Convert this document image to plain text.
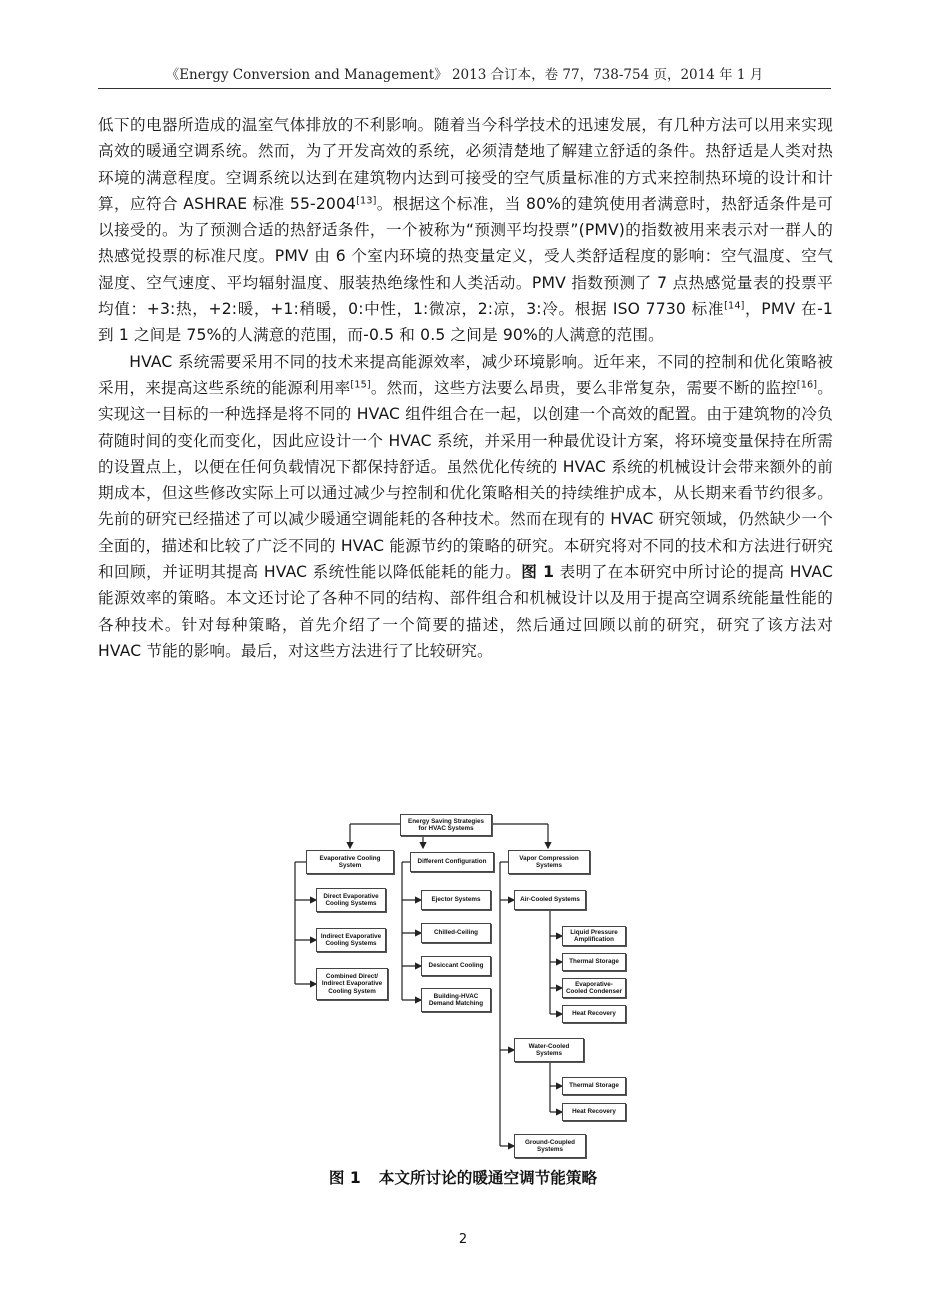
《Energy Conversion and Management》 2013 合订本，卷 77，738-754 页，2014 年 1 月

低下的电器所造成的温室气体排放的不利影响。随着当今科学技术的迅速发展，有几种方法可以用来实现高效的暖通空调系统。然而，为了开发高效的系统，必须清楚地了解建立舒适的条件。热舒适是人类对热环境的满意程度。空调系统以达到在建筑物内达到可接受的空气质量标准的方式来控制热环境的设计和计算，应符合 ASHRAE 标准 55-2004[13]。根据这个标准，当 80%的建筑使用者满意时，热舒适条件是可以接受的。为了预测合适的热舒适条件，一个被称为“预测平均投票”(PMV)的指数被用来表示对一群人的热感觉投票的标准尺度。PMV 由 6 个室内环境的热变量定义，受人类舒适程度的影响：空气温度、空气湿度、空气速度、平均辐射温度、服装热绝缘性和人类活动。PMV 指数预测了 7 点热感觉量表的投票平均值：+3:热，+2:暖，+1:稍暖，0:中性，1:微凉，2:凉，3:冷。根据 ISO 7730 标准[14]，PMV 在-1 到 1 之间是 75%的人满意的范围，而-0.5 和 0.5 之间是 90%的人满意的范围。

HVAC 系统需要采用不同的技术来提高能源效率，减少环境影响。近年来，不同的控制和优化策略被采用，来提高这些系统的能源利用率[15]。然而，这些方法要么昂贵，要么非常复杂，需要不断的监控[16]。实现这一目标的一种选择是将不同的 HVAC 组件组合在一起，以创建一个高效的配置。由于建筑物的冷负荷随时间的变化而变化，因此应设计一个 HVAC 系统，并采用一种最优设计方案，将环境变量保持在所需的设置点上，以便在任何负载情况下都保持舒适。虽然优化传统的 HVAC 系统的机械设计会带来额外的前期成本，但这些修改实际上可以通过减少与控制和优化策略相关的持续维护成本，从长期来看节约很多。先前的研究已经描述了可以减少暖通空调能耗的各种技术。然而在现有的 HVAC 研究领域，仍然缺少一个全面的，描述和比较了广泛不同的 HVAC 能源节约的策略的研究。本研究将对不同的技术和方法进行研究和回顾，并证明其提高 HVAC 系统性能以降低能耗的能力。图 1 表明了在本研究中所讨论的提高 HVAC 能源效率的策略。本文还讨论了各种不同的结构、部件组合和机械设计以及用于提高空调系统能量性能的各种技术。针对每种策略，首先介绍了一个简要的描述，然后通过回顾以前的研究，研究了该方法对 HVAC 节能的影响。最后，对这些方法进行了比较研究。

Energy Saving Strategies for HVAC Systems
Evaporative Cooling System
Direct Evaporative Cooling Systems
Indirect Evaporative Cooling Systems
Combined Direct/ Indirect Evaporative Cooling System
Different Configuration
Ejector Systems
Chilled-Ceiling
Desiccant Cooling
Building-HVAC Demand Matching
Vapor Compression Systems
Air-Cooled Systems
Liquid Pressure Amplification
Thermal Storage
Evaporative-Cooled Condenser
Heat Recovery
Water-Cooled Systems
Thermal Storage
Heat Recovery
Ground-Coupled Systems
图 1 本文所讨论的暖通空调节能策略
2
